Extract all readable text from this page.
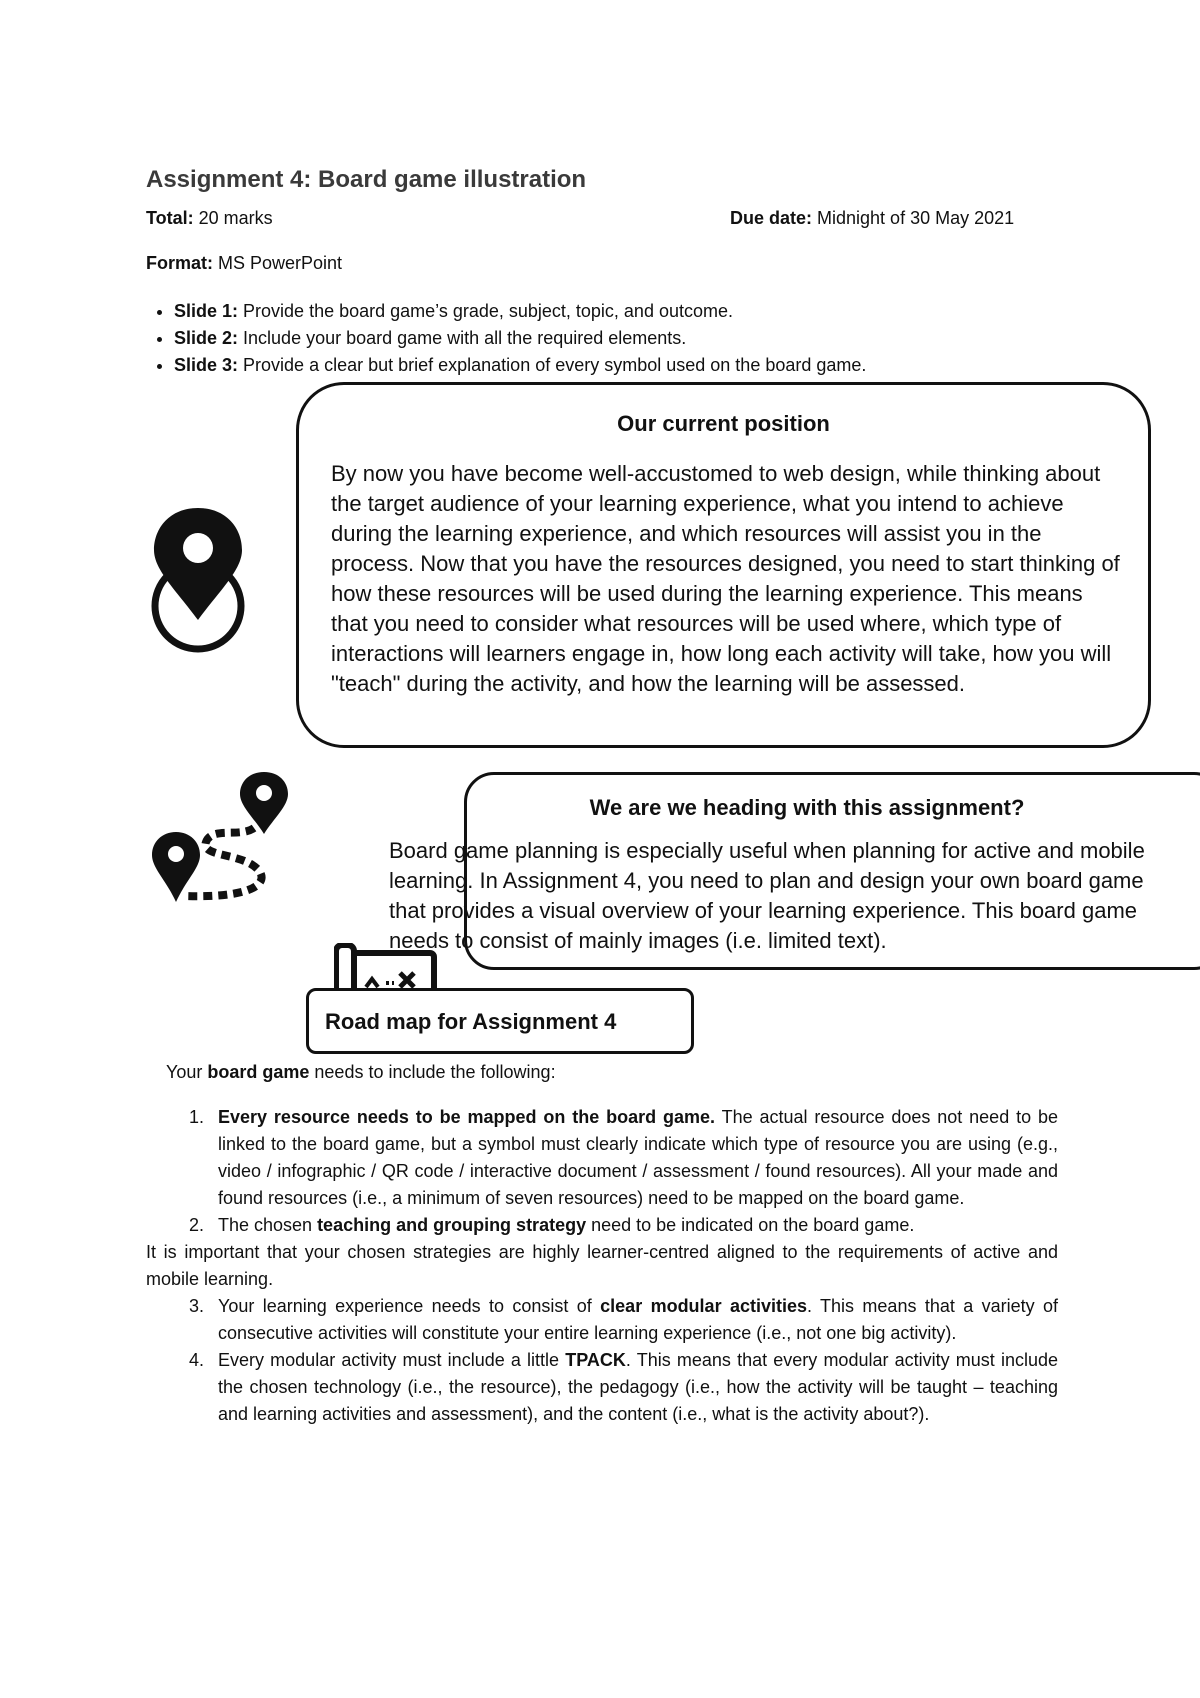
Assignment 4: Board game illustration
Total: 20 marks	Due date: Midnight of 30 May 2021
Format: MS PowerPoint
• Slide 1: Provide the board game’s grade, subject, topic, and outcome.
• Slide 2: Include your board game with all the required elements.
• Slide 3: Provide a clear but brief explanation of every symbol used on the board game.
Our current position
By now you have become well-accustomed to web design, while thinking about the target audience of your learning experience, what you intend to achieve during the learning experience, and which resources will assist you in the process. Now that you have the resources designed, you need to start thinking of how these resources will be used during the learning experience. This means that you need to consider what resources will be used where, which type of interactions will learners engage in, how long each activity will take, how you will "teach" during the activity, and how the learning will be assessed.
We are we heading with this assignment?
Board game planning is especially useful when planning for active and mobile learning. In Assignment 4, you need to plan and design your own board game that provides a visual overview of your learning experience. This board game needs to consist of mainly images (i.e. limited text).
Road map for Assignment 4
Your board game needs to include the following:
1. Every resource needs to be mapped on the board game. The actual resource does not need to be linked to the board game, but a symbol must clearly indicate which type of resource you are using (e.g., video / infographic / QR code / interactive document / assessment / found resources). All your made and found resources (i.e., a minimum of seven resources) need to be mapped on the board game.
2. The chosen teaching and grouping strategy need to be indicated on the board game.
It is important that your chosen strategies are highly learner-centred aligned to the requirements of active and mobile learning.
3. Your learning experience needs to consist of clear modular activities. This means that a variety of consecutive activities will constitute your entire learning experience (i.e., not one big activity).
4. Every modular activity must include a little TPACK. This means that every modular activity must include the chosen technology (i.e., the resource), the pedagogy (i.e., how the activity will be taught – teaching and learning activities and assessment), and the content (i.e., what is the activity about?).
